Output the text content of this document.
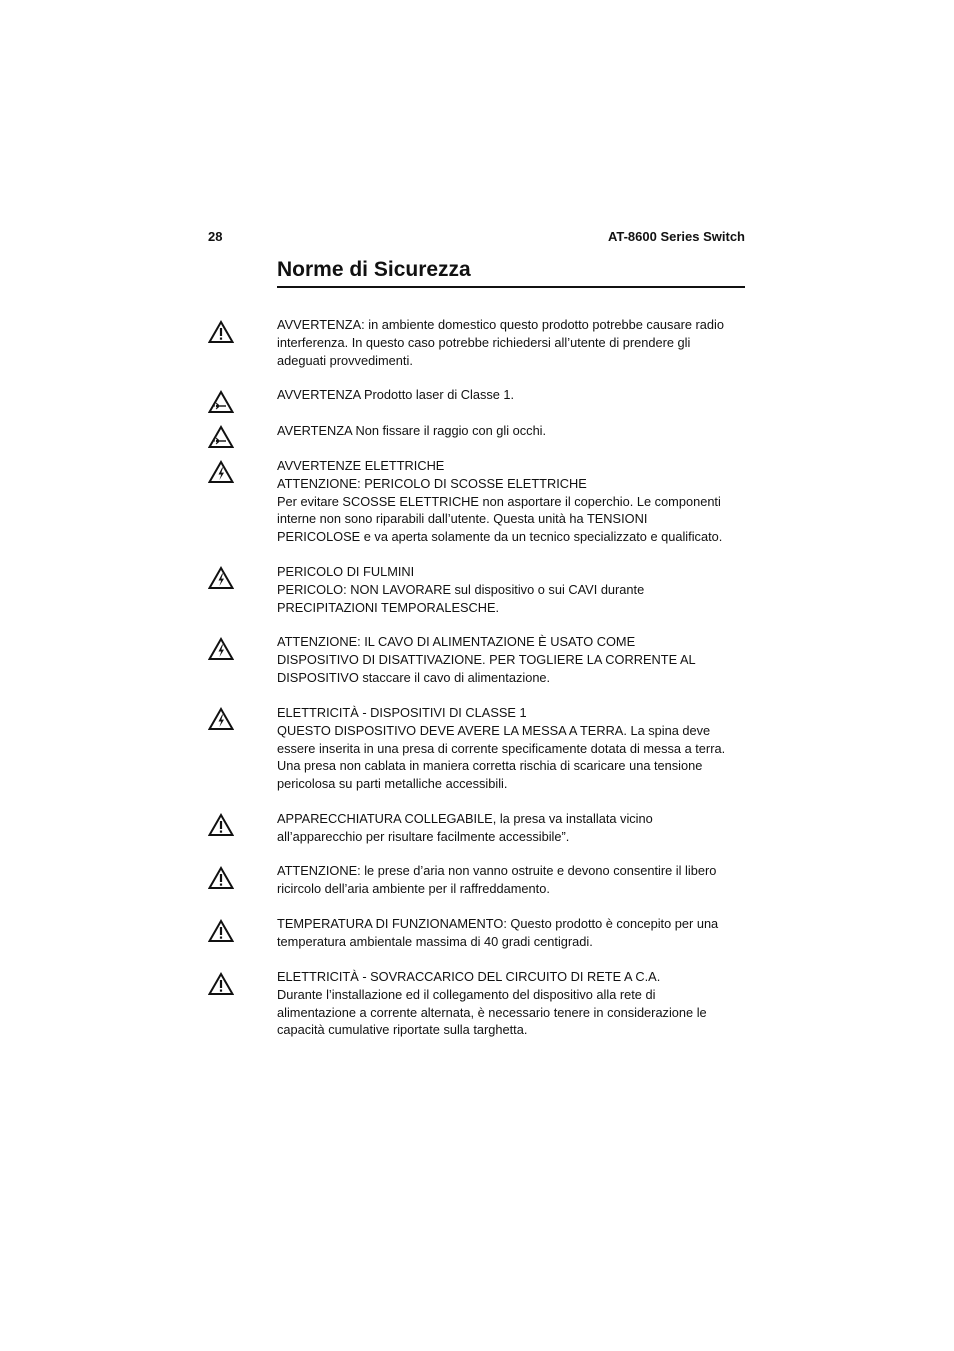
28	AT-8600 Series Switch
Norme di Sicurezza
AVVERTENZA: in ambiente domestico questo prodotto potrebbe causare radio
interferenza. In questo caso potrebbe richiedersi all’utente di prendere gli
adeguati provvedimenti.
AVVERTENZA Prodotto laser di Classe 1.
AVERTENZA Non fissare il raggio con gli occhi.
AVVERTENZE ELETTRICHE
ATTENZIONE: PERICOLO DI SCOSSE ELETTRICHE
Per evitare SCOSSE ELETTRICHE non asportare il coperchio. Le componenti
interne non sono riparabili dall’utente. Questa unità ha TENSIONI
PERICOLOSE e va aperta solamente da un tecnico specializzato e qualificato.
PERICOLO DI FULMINI
PERICOLO: NON LAVORARE sul dispositivo o sui CAVI durante
PRECIPITAZIONI TEMPORALESCHE.
ATTENZIONE: IL CAVO DI ALIMENTAZIONE È USATO COME
DISPOSITIVO DI DISATTIVAZIONE. PER TOGLIERE LA CORRENTE AL
DISPOSITIVO staccare il cavo di alimentazione.
ELETTRICITÀ - DISPOSITIVI DI CLASSE 1
QUESTO DISPOSITIVO DEVE AVERE LA MESSA A TERRA. La spina deve
essere inserita in una presa di corrente specificamente dotata di messa a terra.
Una presa non cablata in maniera corretta rischia di scaricare una tensione
pericolosa su parti metalliche accessibili.
APPARECCHIATURA COLLEGABILE, la presa va installata vicino
all’apparecchio per risultare facilmente accessibile”.
ATTENZIONE: le prese d’aria non vanno ostruite e devono consentire il libero
ricircolo dell’aria ambiente per il raffreddamento.
TEMPERATURA DI FUNZIONAMENTO: Questo prodotto è concepito per una
temperatura ambientale massima di 40 gradi centigradi.
ELETTRICITÀ - SOVRACCARICO DEL CIRCUITO DI RETE A C.A.
Durante l’installazione ed il collegamento del dispositivo alla rete di
alimentazione a corrente alternata, è necessario tenere in considerazione le
capacità cumulative riportate sulla targhetta.
